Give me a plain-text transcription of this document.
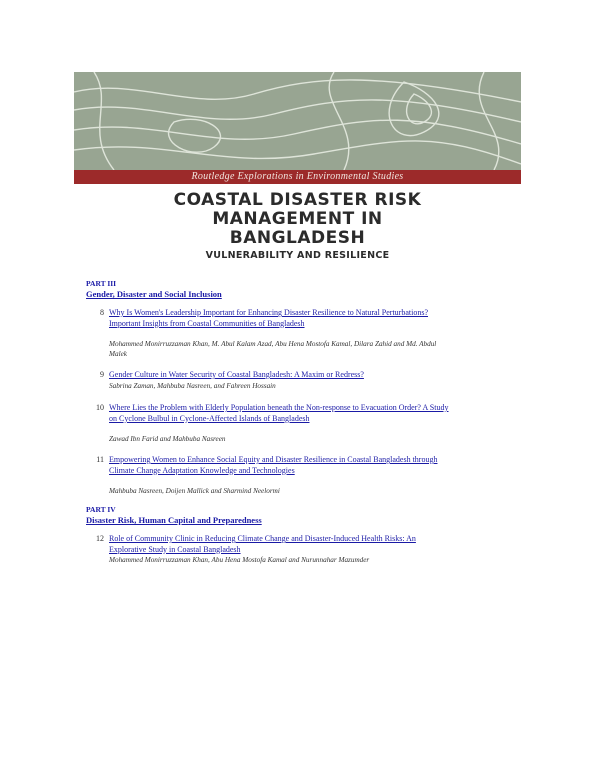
Routledge Explorations in Environmental Studies
COASTAL DISASTER RISK
MANAGEMENT IN
BANGLADESH
VULNERABILITY AND RESILIENCE
PART III
Gender, Disaster and Social Inclusion
8 Why Is Women's Leadership Important for Enhancing Disaster Resilience to Natural Perturbations? Important Insights from Coastal Communities of Bangladesh
Mohammed Monirruzzaman Khan, M. Abul Kalam Azad, Abu Hena Mostofa Kamal, Dilara Zahid and Md. Abdul Malek
9 Gender Culture in Water Security of Coastal Bangladesh: A Maxim or Redress?
Sabrina Zaman, Mahbuba Nasreen, and Fahreen Hossain
10 Where Lies the Problem with Elderly Population beneath the Non-response to Evacuation Order? A Study on Cyclone Bulbul in Cyclone-Affected Islands of Bangladesh
Zawad Ibn Farid and Mahbuba Nasreen
11 Empowering Women to Enhance Social Equity and Disaster Resilience in Coastal Bangladesh through Climate Change Adaptation Knowledge and Technologies
Mahbuba Nasreen, Doijen Mallick and Sharmind Neelormi
PART IV
Disaster Risk, Human Capital and Preparedness
12 Role of Community Clinic in Reducing Climate Change and Disaster-Induced Health Risks: An Explorative Study in Coastal Bangladesh
Mohammed Monirruzzaman Khan, Abu Hena Mostofa Kamal and Nurunnahar Mazumder
